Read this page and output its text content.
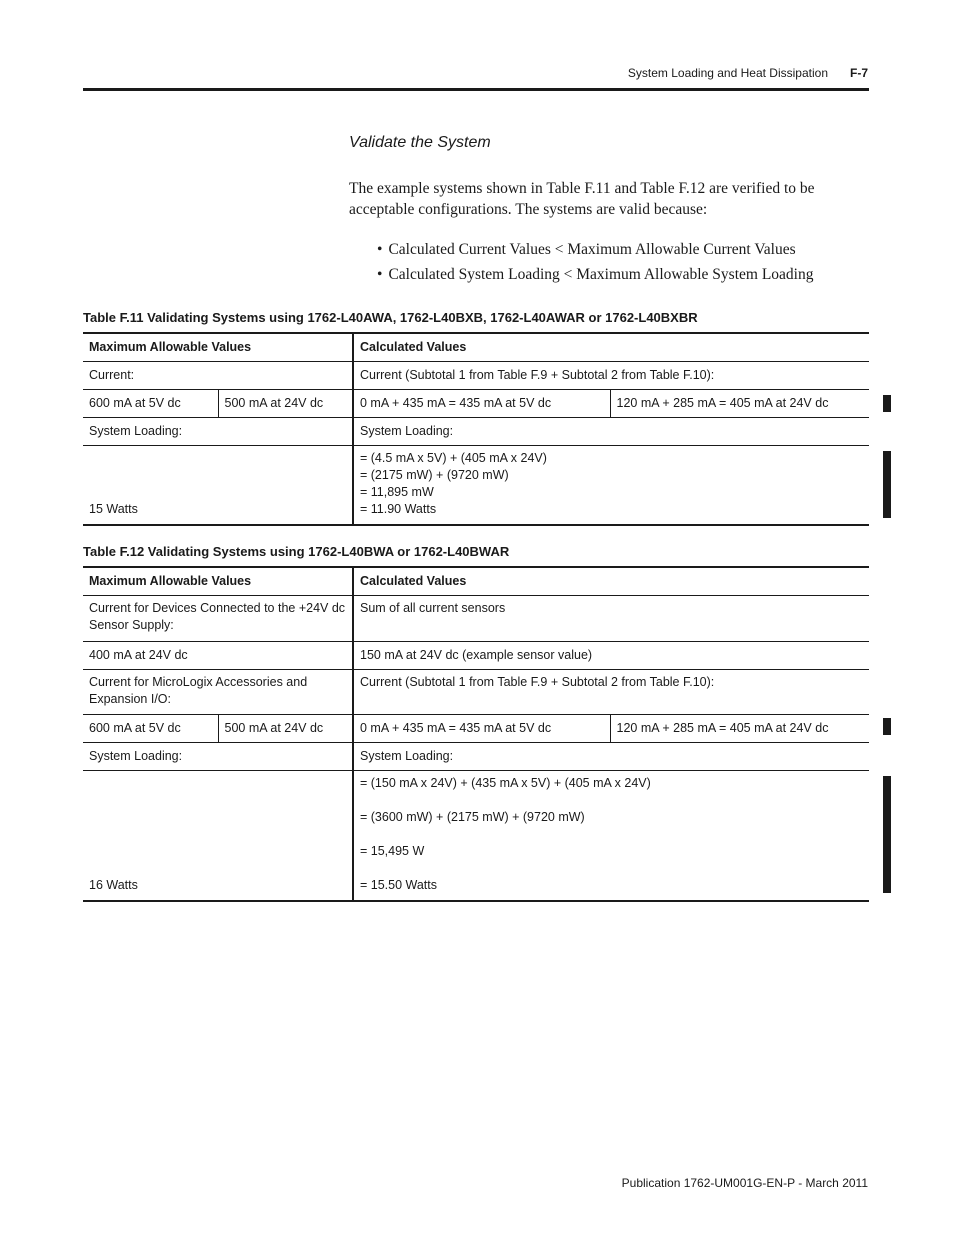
System Loading and Heat Dissipation F-7
Validate the System

The example systems shown in Table F.11 and Table F.12 are verified to be acceptable configurations. The systems are valid because:

• Calculated Current Values < Maximum Allowable Current Values
• Calculated System Loading < Maximum Allowable System Loading
Table F.11 Validating Systems using 1762-L40AWA, 1762-L40BXB, 1762-L40AWAR or 1762-L40BXBR
Maximum Allowable Values		Calculated Values	
Current:		Current (Subtotal 1 from Table F.9 + Subtotal 2 from Table F.10):	
600 mA at 5V dc	500 mA at 24V dc	0 mA + 435 mA = 435 mA at 5V dc	120 mA + 285 mA = 405 mA at 24V dc
System Loading:		System Loading:	
15 Watts		= (4.5 mA x 5V) + (405 mA x 24V)
= (2175 mW) + (9720 mW)
= 11,895 mW
= 11.90 Watts	
Table F.12 Validating Systems using 1762-L40BWA or 1762-L40BWAR
Maximum Allowable Values		Calculated Values	
Current for Devices Connected to the +24V dc Sensor Supply:		Sum of all current sensors	
400 mA at 24V dc		150 mA at 24V dc (example sensor value)	
Current for MicroLogix Accessories and Expansion I/O:		Current (Subtotal 1 from Table F.9 + Subtotal 2 from Table F.10):	
600 mA at 5V dc	500 mA at 24V dc	0 mA + 435 mA = 435 mA at 5V dc	120 mA + 285 mA = 405 mA at 24V dc
System Loading:		System Loading:	
16 Watts		= (150 mA x 24V) + (435 mA x 5V) + (405 mA x 24V)
= (3600 mW) + (2175 mW) + (9720 mW)
= 15,495 W
= 15.50 Watts	
Publication 1762-UM001G-EN-P - March 2011
